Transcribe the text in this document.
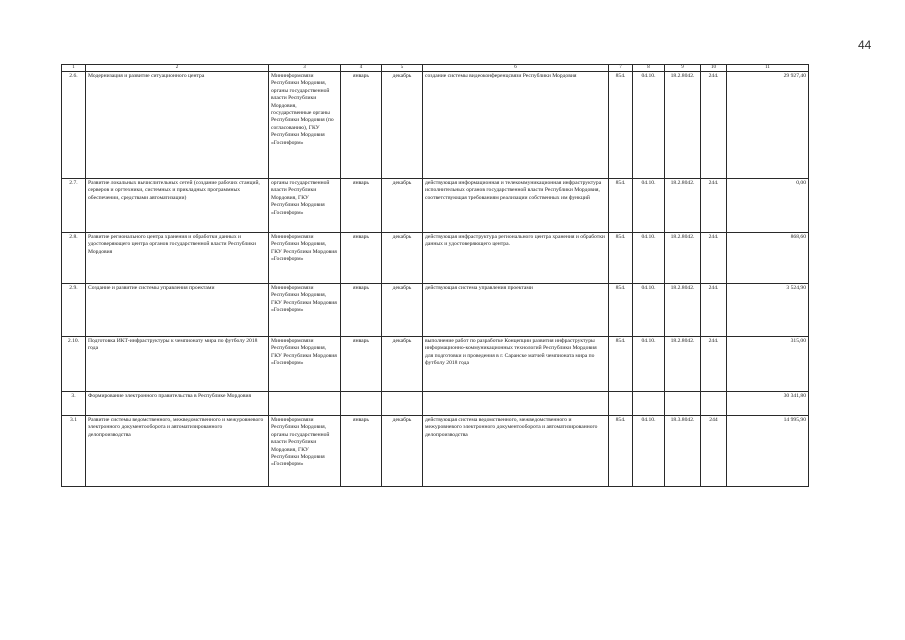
44
1	2	3	4	5	6	7	8	9	10	11
2.6.	Модернизация и развитие ситуационного центра	Мининформсвязи Республики Мордовия, органы государственной власти Республики Мордовия, государственные органы Республики Мордовия (по согласованию), ГКУ Республики Мордовия «Госинформ»	январь	декабрь	создание системы видеоконференцсвязи Республики Мордовия	854.	04.10.	18.2.8042.	244.	29 927,40
2.7.	Развитие локальных вычислительных сетей (создание рабочих станций, серверов и оргтехники, системных и прикладных программных обеспечении, средствами автоматизации)	органы государственной власти Республики Мордовия, ГКУ Республики Мордовия «Госинформ»	январь	декабрь	действующая информационная и телекоммуникационная инфраструктура исполнительных органов государственной власти Республики Мордовия, соответствующая требованиям реализации собственных им функций	854.	04.10.	18.2.8042.	244.	0,00
2.8.	Развитие регионального центра хранения и обработки данных и удостоверяющего центра органов государственной власти Республики Мордовия	Мининформсвязи Республики Мордовия, ГКУ Республики Мордовия «Госинформ»	январь	декабрь	действующая инфраструктура регионального центра хранения и обработки данных и удостоверяющего центра.	854.	04.10.	18.2.8042.	244.	868,60
2.9.	Создание и развитие системы управления проектами	Мининформсвязи Республики Мордовия, ГКУ Республики Мордовия «Госинформ»	январь	декабрь	действующая система управления проектами	854.	04.10.	18.2.8042.	244.	3 524,90
2.10.	Подготовка ИКТ-инфраструктуры к чемпионату мира по футболу 2018 года	Мининформсвязи Республики Мордовия, ГКУ Республики Мордовия «Госинформ»	январь	декабрь	выполнение работ по разработке Концепции развития инфраструктуры информационно-коммуникационных технологий Республики Мордовия для подготовки и проведения в г. Саранске матчей чемпионата мира по футболу 2018 года	854.	04.10.	18.2.8042.	244.	315,00
3.	Формирование электронного правительства в Республике Мордовия									30 341,80
3.1	Развитие системы ведомственного, межведомственного и межуровневого электронного документооборота и автоматизированного делопроизводства	Мининформсвязи Республики Мордовия, органы государственной власти Республики Мордовия, ГКУ Республики Мордовия «Госинформ»	январь	декабрь	действующая система ведомственного, межведомственного и межуровневого электронного документооборота и автоматизированного делопроизводства	854.	04.10.	18.3.8042.	244	14 995,90
